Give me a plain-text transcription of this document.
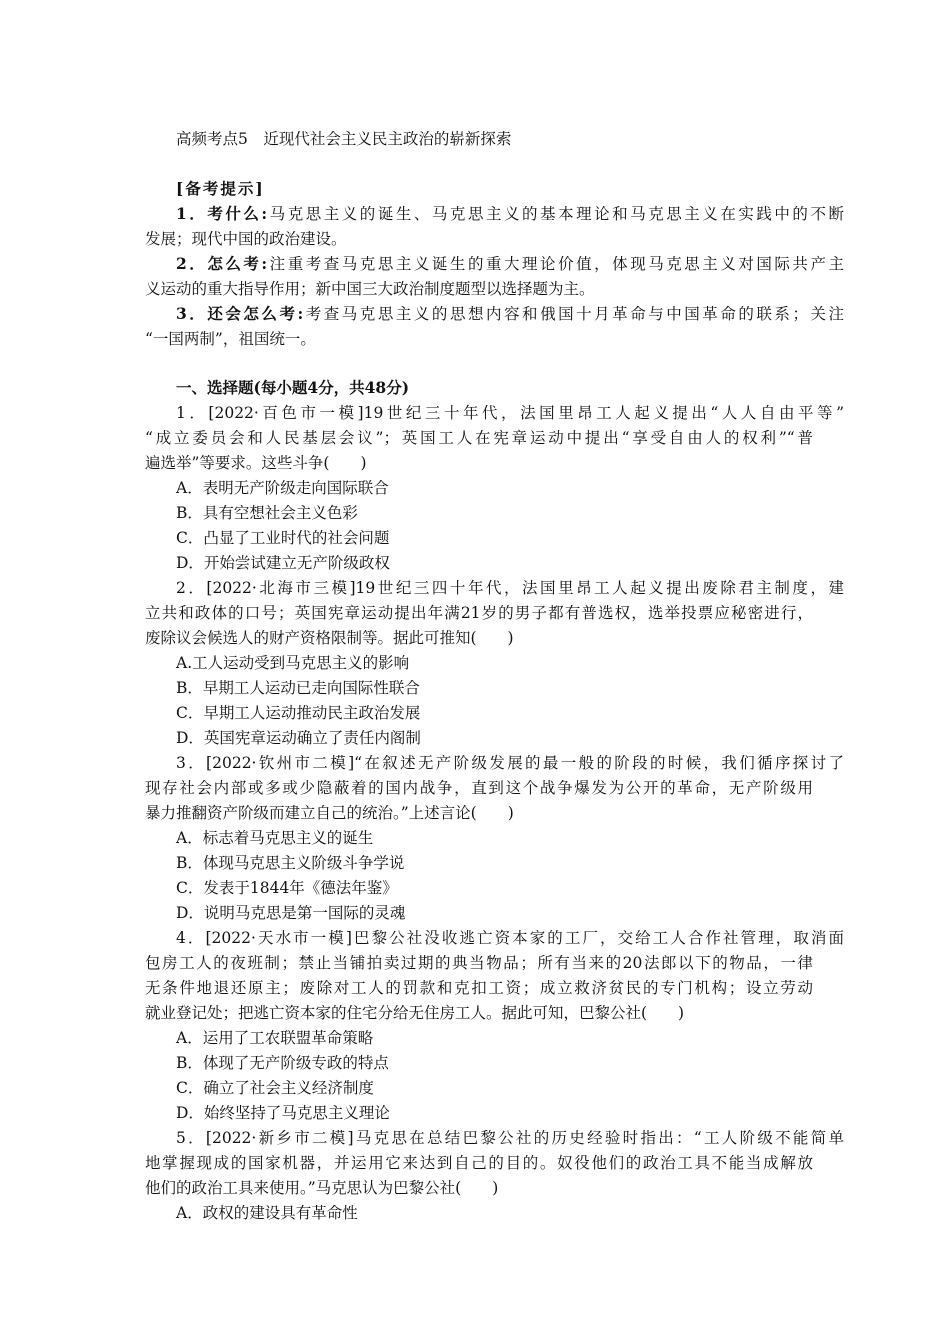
高频考点5　近现代社会主义民主政治的崭新探索
[备考提示]
1．考什么:马克思主义的诞生、马克思主义的基本理论和马克思主义在实践中的不断
发展；现代中国的政治建设。
2．怎么考:注重考查马克思主义诞生的重大理论价值，体现马克思主义对国际共产主
义运动的重大指导作用；新中国三大政治制度题型以选择题为主。
3．还会怎么考:考查马克思主义的思想内容和俄国十月革命与中国革命的联系；关注
“一国两制”，祖国统一。
一、选择题(每小题4分，共48分)
1．[2022·百色市一模]19世纪三十年代，法国里昂工人起义提出“人人自由平等”
“成立委员会和人民基层会议”；英国工人在宪章运动中提出“享受自由人的权利”“普
遍选举”等要求。这些斗争(　　)
A．表明无产阶级走向国际联合
B．具有空想社会主义色彩
C．凸显了工业时代的社会问题
D．开始尝试建立无产阶级政权
2．[2022·北海市三模]19世纪三四十年代，法国里昂工人起义提出废除君主制度，建
立共和政体的口号；英国宪章运动提出年满21岁的男子都有普选权，选举投票应秘密进行，
废除议会候选人的财产资格限制等。据此可推知(　　)
A.工人运动受到马克思主义的影响
B．早期工人运动已走向国际性联合
C．早期工人运动推动民主政治发展
D．英国宪章运动确立了责任内阁制
3．[2022·钦州市二模]“在叙述无产阶级发展的最一般的阶段的时候，我们循序探讨了
现存社会内部或多或少隐蔽着的国内战争，直到这个战争爆发为公开的革命，无产阶级用
暴力推翻资产阶级而建立自己的统治。”上述言论(　　)
A．标志着马克思主义的诞生
B．体现马克思主义阶级斗争学说
C．发表于1844年《德法年鉴》
D．说明马克思是第一国际的灵魂
4．[2022·天水市一模]巴黎公社没收逃亡资本家的工厂，交给工人合作社管理，取消面
包房工人的夜班制；禁止当铺拍卖过期的典当物品；所有当来的20法郎以下的物品，一律
无条件地退还原主；废除对工人的罚款和克扣工资；成立救济贫民的专门机构；设立劳动
就业登记处；把逃亡资本家的住宅分给无住房工人。据此可知，巴黎公社(　　)
A．运用了工农联盟革命策略
B．体现了无产阶级专政的特点
C．确立了社会主义经济制度
D．始终坚持了马克思主义理论
5．[2022·新乡市二模]马克思在总结巴黎公社的历史经验时指出：“工人阶级不能简单
地掌握现成的国家机器，并运用它来达到自己的目的。奴役他们的政治工具不能当成解放
他们的政治工具来使用。”马克思认为巴黎公社(　　)
A．政权的建设具有革命性
